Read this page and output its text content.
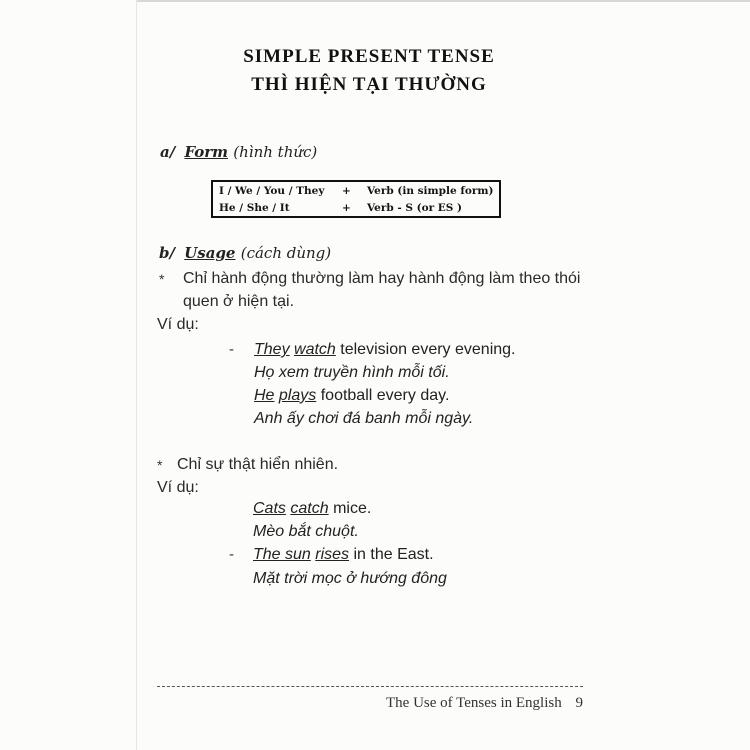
SIMPLE PRESENT TENSE
THÌ HIỆN TẠI THƯỜNG
a/ Form (hình thức)
I / We / You / They + Verb (in simple form)
He / She / It	+ Verb - S (or ES )
b/ Usage (cách dùng)
* Chỉ hành động thường làm hay hành động làm theo thói
quen ở hiện tại.
Ví dụ:
- They watch television every evening.
Họ xem truyền hình mỗi tối.
He plays football every day.
Anh ấy chơi đá banh mỗi ngày.
* Chỉ sự thật hiển nhiên.
Ví dụ:
Cats catch mice.
Mèo bắt chuột.
- The sun rises in the East.
Mặt trời mọc ở hướng đông
The Use of Tenses in English 9
